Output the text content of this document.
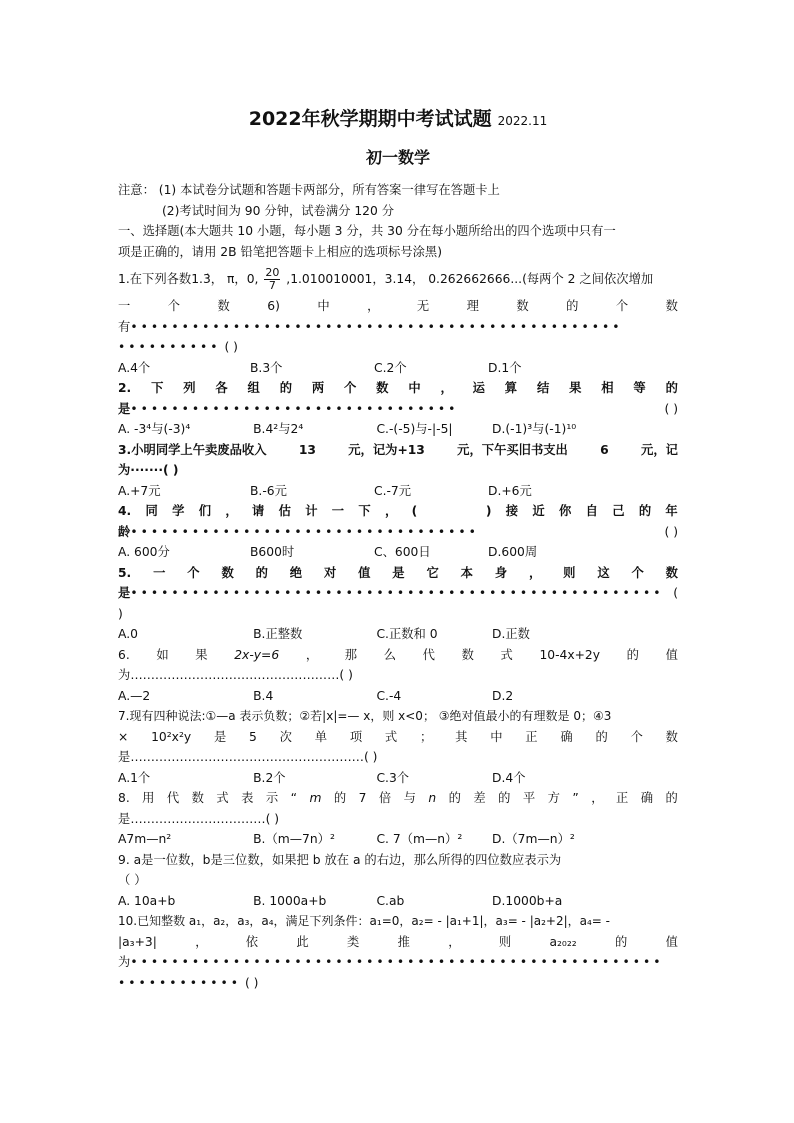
2022年秋学期期中考试试题 2022.11
初一数学
注意： (1) 本试卷分试题和答题卡两部分，所有答案一律写在答题卡上
(2)考试时间为 90 分钟，试卷满分 120 分
一、选择题(本大题共 10 小题，每小题 3 分，共 30 分在每小题所给出的四个选项中只有一
项是正确的，请用 2B 铅笔把答题卡上相应的选项标号涂黑)
1.在下列各数1.3̇， π，0, $\frac{20}{7} ,1.010010001$，3.14， 0.262662666...(每两个 2 之间依次增加
一	个	数	6)	中	，	无	理	数	的	个	数
有 ••••••••••••••••••••••••••••••••••••••••••••••••
•••••••••• ( )
A.4个	B.3个	C.2个	D.1个
2. 下 列 各 组 的 两 个 数 中 ， 运 算 结 果 相 等 的
是 ••••••••••••••••••••••••••••••••	( )
A. -3⁴与(-3)⁴	B.4²与2⁴	C.-(-5)与-|-5|	D.(-1)³与(-1)¹⁰
3.小明同学上午卖废品收入	13	元，记为+13	元，下午买旧书支出	6	元，记
为·······( )
A.+7元	B.-6元	C.-7元	D.+6元
4. 同 学 们 ， 请 估 计 一 下 ， (	) 接 近 你 自 己 的 年
龄 ••••••••••••••••••••••••••••••••••	( )
A. 600分	B600时	C、600日	D.600周
5. 一 个 数 的 绝 对 值 是 它 本 身 ， 则 这 个 数
是 •••••••••••••••••••••••••••••••••••••••••••••••••••• (
)
A.0	B.正整数	C.正数和 0	D.正数
6. 如 果 2x-y=6 ， 那 么 代 数 式 10-4x+2y 的 值
为……………………………………………( )
A.—2	B.4	C.-4	D.2
7.现有四种说法:①—a 表示负数；②若|x|=— x，则 x<0； ③绝对值最小的有理数是 0；④3
× 10²x²y 是 5 次 单 项 式 ； 其 中 正 确 的 个 数
是…………………………………………………( )
A.1个	B.2个	C.3个	D.4个
8. 用 代 数 式 表 示 “ m 的 7 倍 与 n 的 差 的 平 方 ” ， 正 确 的
是……………………………( )
A7m—n²	B.（m—7n）²	C. 7（m—n）²	D.（7m—n）²
9. a是一位数，b是三位数，如果把 b 放在 a 的右边，那么所得的四位数应表示为
（ ）
A. 10a+b	B. 1000a+b	C.ab	D.1000b+a
10.已知整数 a₁，a₂，a₃，a₄，满足下列条件：a₁=0，a₂= - |a₁+1|，a₃= - |a₂+2|，a₄= -
|a₃+3|	，	依	此	类	推	，	则	a₂₀₂₂	的	值
为 ••••••••••••••••••••••••••••••••••••••••••••••••••••
•••••••••••• ( )
